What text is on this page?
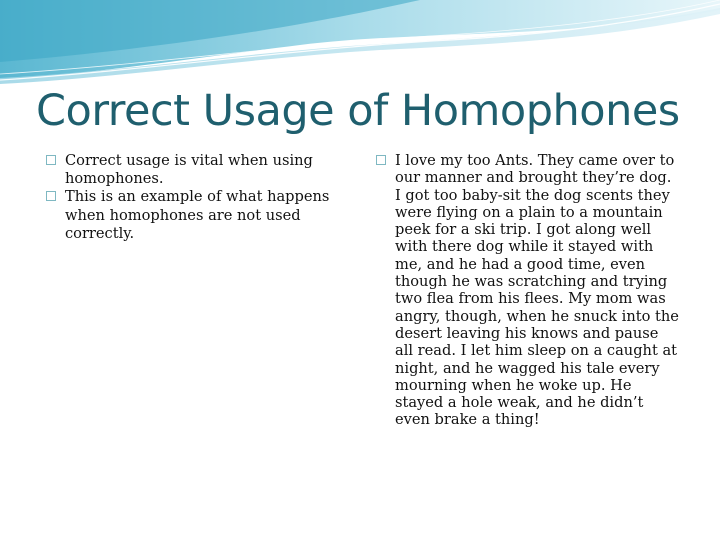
Correct Usage of Homophones
Correct usage is vital when using homophones.
This is an example of what happens when homophones are not used correctly.
I love my too Ants. They came over to our manner and brought they’re dog. I got too baby-sit the dog scents they were flying on a plain to a mountain peek for a ski trip. I got along well with there dog while it stayed with me, and he had a good time, even though he was scratching and trying two flea from his flees. My mom was angry, though, when he snuck into the desert leaving his knows and pause all read. I let him sleep on a caught at night, and he wagged his tale every mourning when he woke up. He stayed a hole weak, and he didn’t even brake a thing!
